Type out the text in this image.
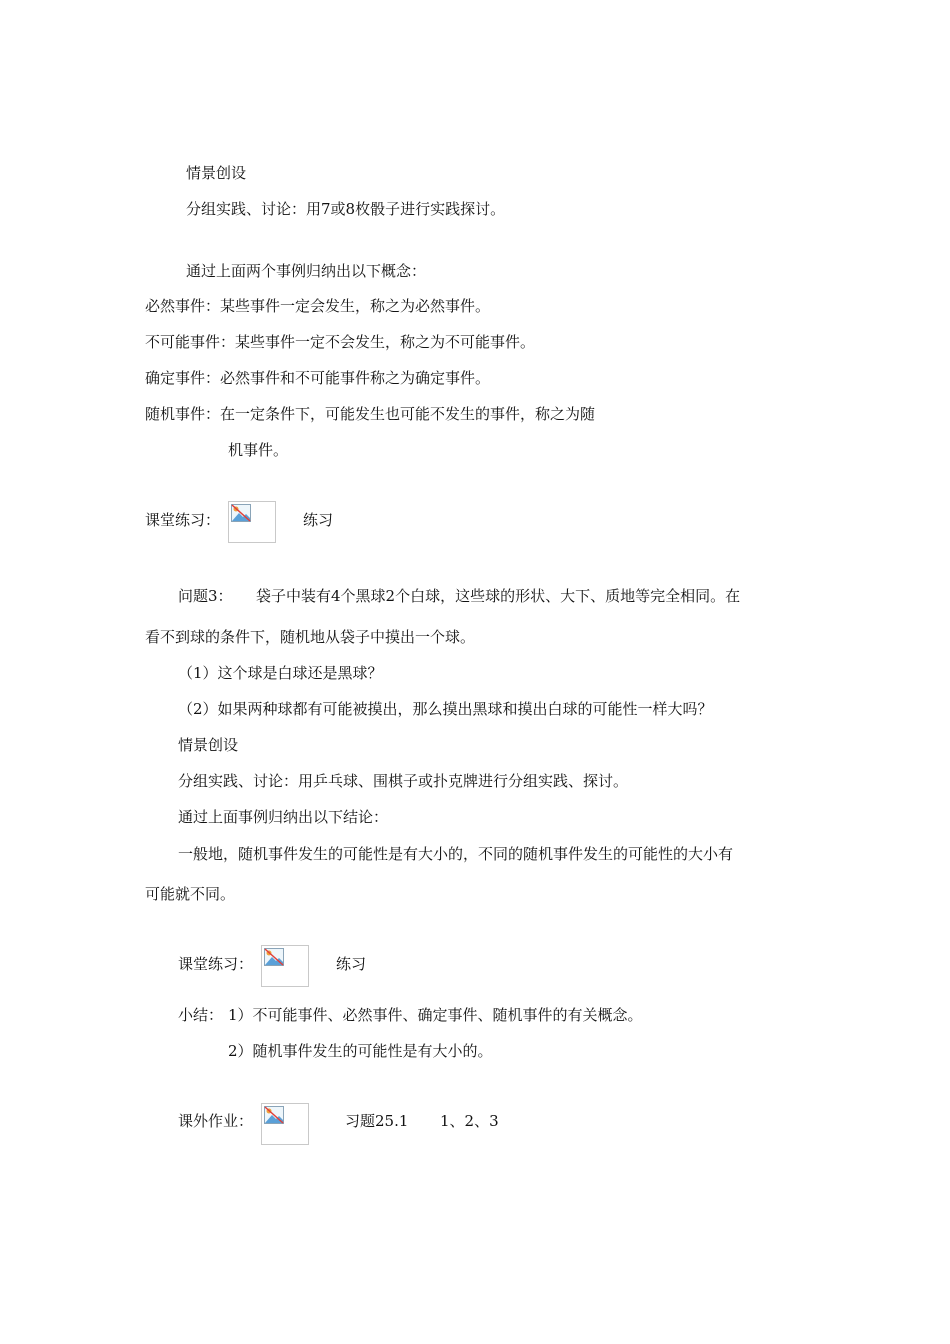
情景创设
分组实践、讨论：用7或8枚骰子进行实践探讨。
通过上面两个事例归纳出以下概念：
必然事件：某些事件一定会发生，称之为必然事件。
不可能事件：某些事件一定不会发生，称之为不可能事件。
确定事件：必然事件和不可能事件称之为确定事件。
随机事件：在一定条件下，可能发生也可能不发生的事件，称之为随
机事件。
课堂练习：	练习
问题3： 袋子中装有4个黑球2个白球，这些球的形状、大下、质地等完全相同。在
看不到球的条件下，随机地从袋子中摸出一个球。
（1）这个球是白球还是黑球？
（2）如果两种球都有可能被摸出，那么摸出黑球和摸出白球的可能性一样大吗？
情景创设
分组实践、讨论：用乒乓球、围棋子或扑克牌进行分组实践、探讨。
通过上面事例归纳出以下结论：
一般地，随机事件发生的可能性是有大小的，不同的随机事件发生的可能性的大小有
可能就不同。
课堂练习：	练习
小结： 1）不可能事件、必然事件、确定事件、随机事件的有关概念。
2）随机事件发生的可能性是有大小的。
课外作业：	习题25.1 1、2、3
